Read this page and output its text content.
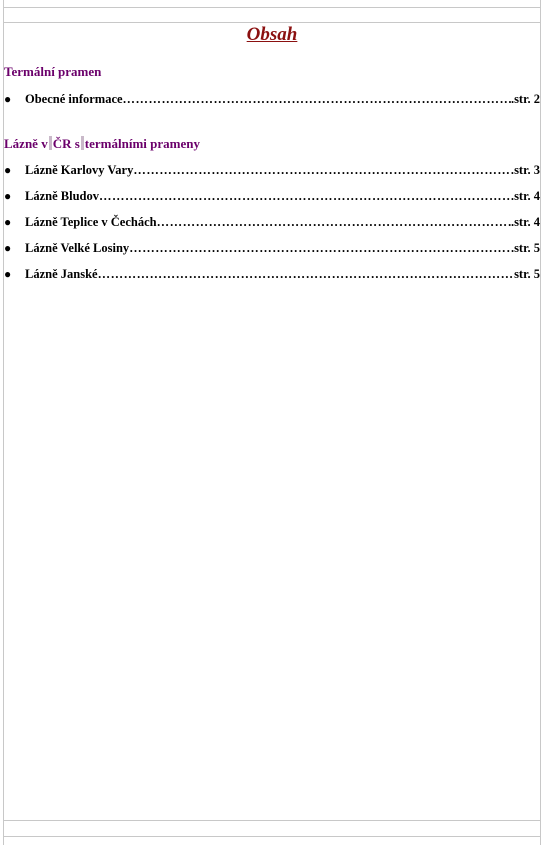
Obsah
Termální pramen
● Obecné informace ……………………………………………………………………………………………………………………………………………………………………	.str. 2
Lázně v ČR s termálními prameny
● Lázně Karlovy Vary ……………………………………………………………………………………………………………………………………………………………………	str. 3
● Lázně Bludov ……………………………………………………………………………………………………………………………………………………………………	str. 4
● Lázně Teplice v Čechách ……………………………………………………………………………………………………………………………………………………………………	.str. 4
● Lázně Velké Losiny ……………………………………………………………………………………………………………………………………………………………………	.str. 5
● Lázně Janské ……………………………………………………………………………………………………………………………………………………………………	str. 5
